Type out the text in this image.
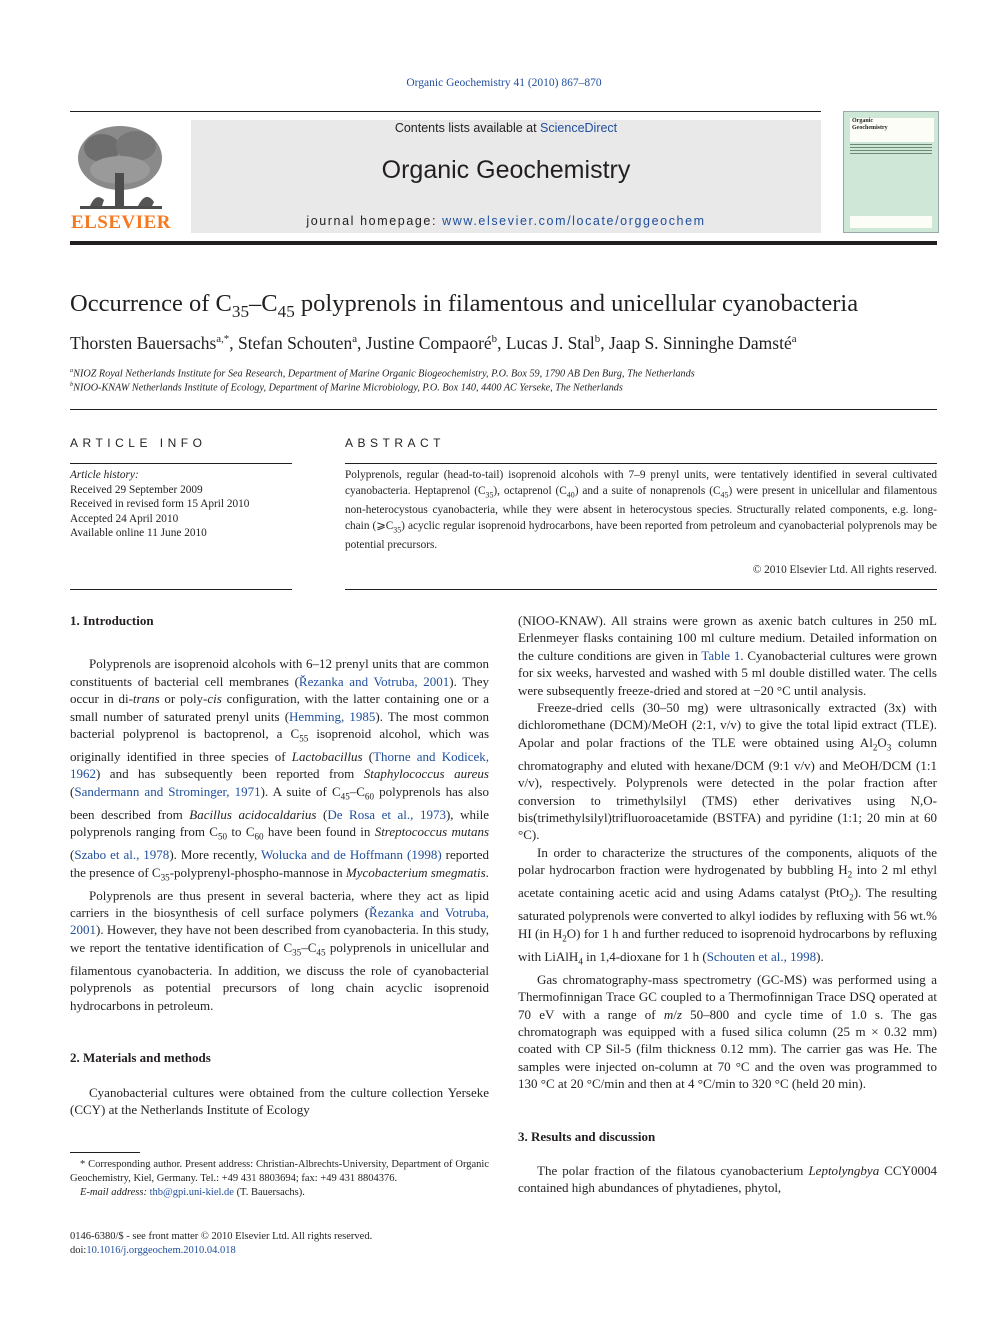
Organic Geochemistry 41 (2010) 867–870
ELSEVIER
Contents lists available at ScienceDirect
Organic Geochemistry
journal homepage: www.elsevier.com/locate/orggeochem
Organic
Geochemistry
Occurrence of $C_{35}-C_{45}$ polyprenols in filamentous and unicellular cyanobacteria
Thorsten Bauersachs$^{a,*}$, Stefan Schouten$^a$, Justine Compaoré$^b$, Lucas J. Stal$^b$, Jaap S. Sinninghe Damsté$^a$
$^a$NIOZ Royal Netherlands Institute for Sea Research, Department of Marine Organic Biogeochemistry, P.O. Box 59, 1790 AB Den Burg, The Netherlands
$^b$NIOO-KNAW Netherlands Institute of Ecology, Department of Marine Microbiology, P.O. Box 140, 4400 AC Yerseke, The Netherlands
ARTICLE INFO
Article history:
Received 29 September 2009
Received in revised form 15 April 2010
Accepted 24 April 2010
Available online 11 June 2010
ABSTRACT
Polyprenols, regular (head-to-tail) isoprenoid alcohols with 7–9 prenyl units, were tentatively identified in several cultivated cyanobacteria. Heptaprenol $(C_{35})$, octaprenol $(C_{40})$ and a suite of nonaprenols $(C_{45})$ were present in unicellular and filamentous non-heterocystous cyanobacteria, while they were absent in heterocystous species. Structurally related components, e.g. long-chain $(⩾C_{35})$ acyclic regular isoprenoid hydrocarbons, have been reported from petroleum and cyanobacterial polyprenols may be potential precursors.
© 2010 Elsevier Ltd. All rights reserved.
1. Introduction

Polyprenols are isoprenoid alcohols with 6–12 prenyl units that are common constituents of bacterial cell membranes (Řezanka and Votruba, 2001). They occur in di-trans or poly-cis configuration, with the latter containing one or a small number of saturated prenyl units (Hemming, 1985). The most common bacterial polyprenol is bactoprenol, a $C_{55}$ isoprenoid alcohol, which was originally identified in three species of Lactobacillus (Thorne and Kodicek, 1962) and has subsequently been reported from Staphylococcus aureus (Sandermann and Strominger, 1971). A suite of $C_{45}-C_{60}$ polyprenols has also been described from Bacillus acidocaldarius (De Rosa et al., 1973), while polyprenols ranging from $C_{50}$ to $C_{60}$ have been found in Streptococcus mutans (Szabo et al., 1978). More recently, Wolucka and de Hoffmann (1998) reported the presence of $C_{35}-polyprenyl-phospho$-mannose in Mycobacterium smegmatis.

Polyprenols are thus present in several bacteria, where they act as lipid carriers in the biosynthesis of cell surface polymers (Řezanka and Votruba, 2001). However, they have not been described from cyanobacteria. In this study, we report the tentative identification of $C_{35}-C_{45}$ polyprenols in unicellular and filamentous cyanobacteria. In addition, we discuss the role of cyanobacterial polyprenols as potential precursors of long chain acyclic isoprenoid hydrocarbons in petroleum.

2. Materials and methods

Cyanobacterial cultures were obtained from the culture collection Yerseke (CCY) at the Netherlands Institute of Ecology

* Corresponding author. Present address: Christian-Albrechts-University, Department of Organic Geochemistry, Kiel, Germany. Tel.: +49 431 8803694; fax: +49 431 8804376.
E-mail address: thb@gpi.uni-kiel.de (T. Bauersachs).
0146-6380/$ - see front matter © 2010 Elsevier Ltd. All rights reserved.
doi:10.1016/j.orggeochem.2010.04.018

(NIOO-KNAW). All strains were grown as axenic batch cultures in 250 mL Erlenmeyer flasks containing 100 ml culture medium. Detailed information on the culture conditions are given in Table 1. Cyanobacterial cultures were grown for six weeks, harvested and washed with 5 ml double distilled water. The cells were subsequently freeze-dried and stored at −20 °C until analysis.

Freeze-dried cells (30–50 mg) were ultrasonically extracted (3x) with dichloromethane (DCM)/MeOH (2:1, v/v) to give the total lipid extract (TLE). Apolar and polar fractions of the TLE were obtained using $Al_2O_3$ column chromatography and eluted with hexane/DCM (9:1 v/v) and MeOH/DCM (1:1 v/v), respectively. Polyprenols were detected in the polar fraction after conversion to trimethylsilyl (TMS) ether derivatives using N,O-bis(trimethylsilyl)trifluoroacetamide (BSTFA) and pyridine (1:1; 20 min at 60 °C).

In order to characterize the structures of the components, aliquots of the polar hydrocarbon fraction were hydrogenated by bubbling $H_2$ into 2 ml ethyl acetate containing acetic acid and using Adams catalyst (PtO$_2$). The resulting saturated polyprenols were converted to alkyl iodides by refluxing with 56 wt.% HI (in $H_2O$) for 1 h and further reduced to isoprenoid hydrocarbons by refluxing with LiAlH$_4$ in 1,4-dioxane for 1 h (Schouten et al., 1998).

Gas chromatography-mass spectrometry (GC-MS) was performed using a Thermofinnigan Trace GC coupled to a Thermofinnigan Trace DSQ operated at 70 eV with a range of m/z 50–800 and cycle time of 1.0 s. The gas chromatograph was equipped with a fused silica column (25 m × 0.32 mm) coated with CP Sil-5 (film thickness 0.12 mm). The carrier gas was He. The samples were injected on-column at 70 °C and the oven was programmed to 130 °C at 20 °C/min and then at 4 °C/min to 320 °C (held 20 min).

3. Results and discussion

The polar fraction of the filatous cyanobacterium Leptolyngbya CCY0004 contained high abundances of phytadienes, phytol,
